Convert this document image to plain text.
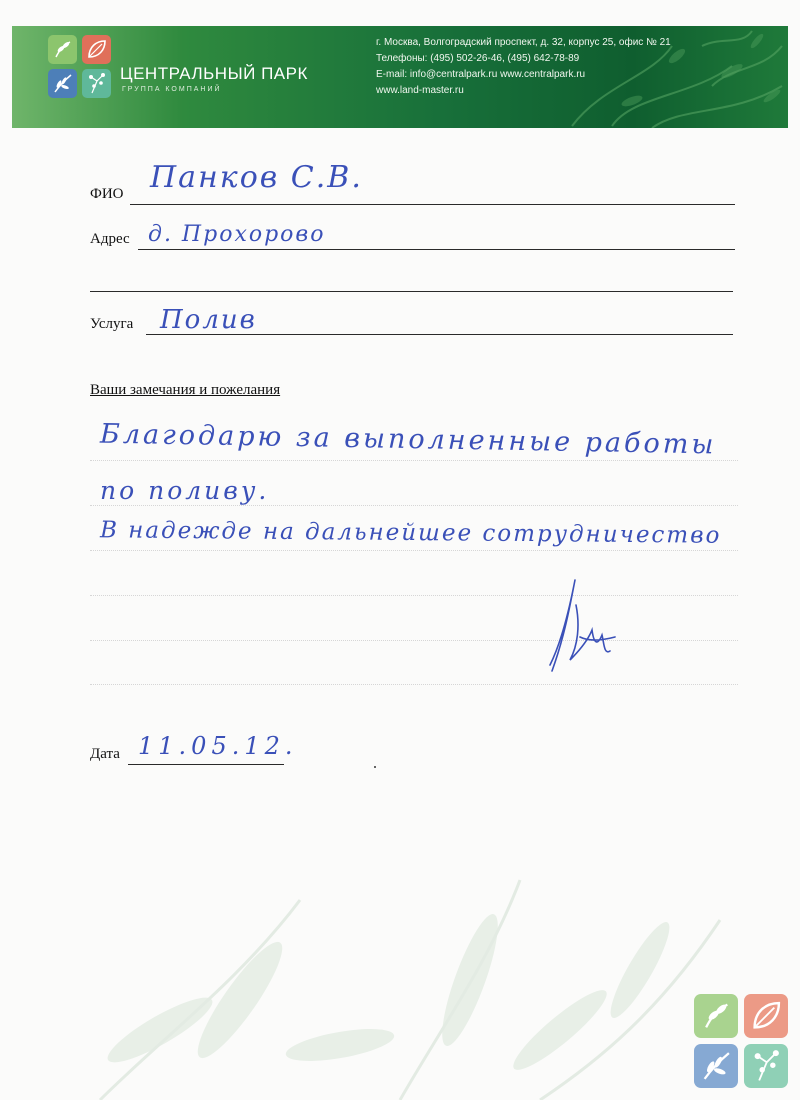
ЦЕНТРАЛЬНЫЙ ПАРК
ГРУППА КОМПАНИЙ
г. Москва, Волгоградский проспект, д. 32, корпус 25, офис № 21
Телефоны: (495) 502-26-46, (495) 642-78-89
E-mail: info@centralpark.ru www.centralpark.ru
www.land-master.ru
ФИО Панков С.В.
Адрес д. Прохорово
Услуга Полив
Ваши замечания и пожелания
Благодарю за выполненные работы
по поливу.
В надежде на дальнейшее сотрудничество
Дата 11.05.12.
